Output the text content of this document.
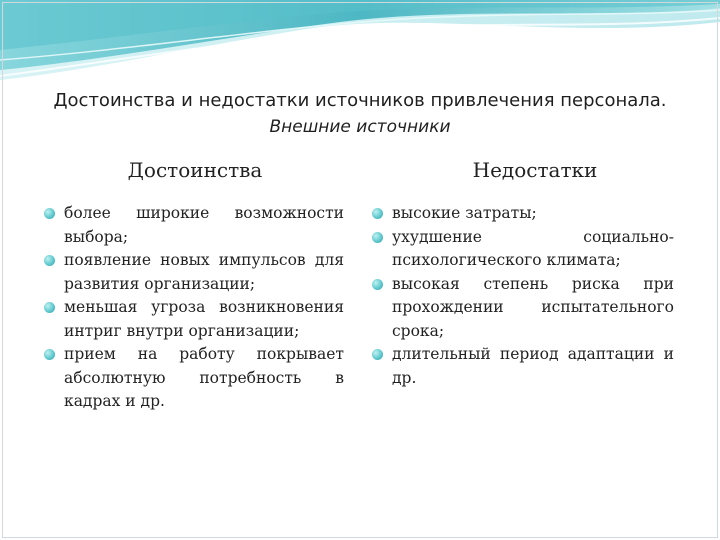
Достоинства и недостатки источников привлечения персонала.
Внешние источники
Достоинства	Недостатки
более широкие возможности выбора;
появление новых импульсов для развития организации;
меньшая угроза возникновения интриг внутри организации;
прием на работу покрывает абсолютную потребность в кадрах и др.
высокие затраты;
ухудшение социально-психологического климата;
высокая степень риска при прохождении испытательного срока;
длительный период адаптации и др.
